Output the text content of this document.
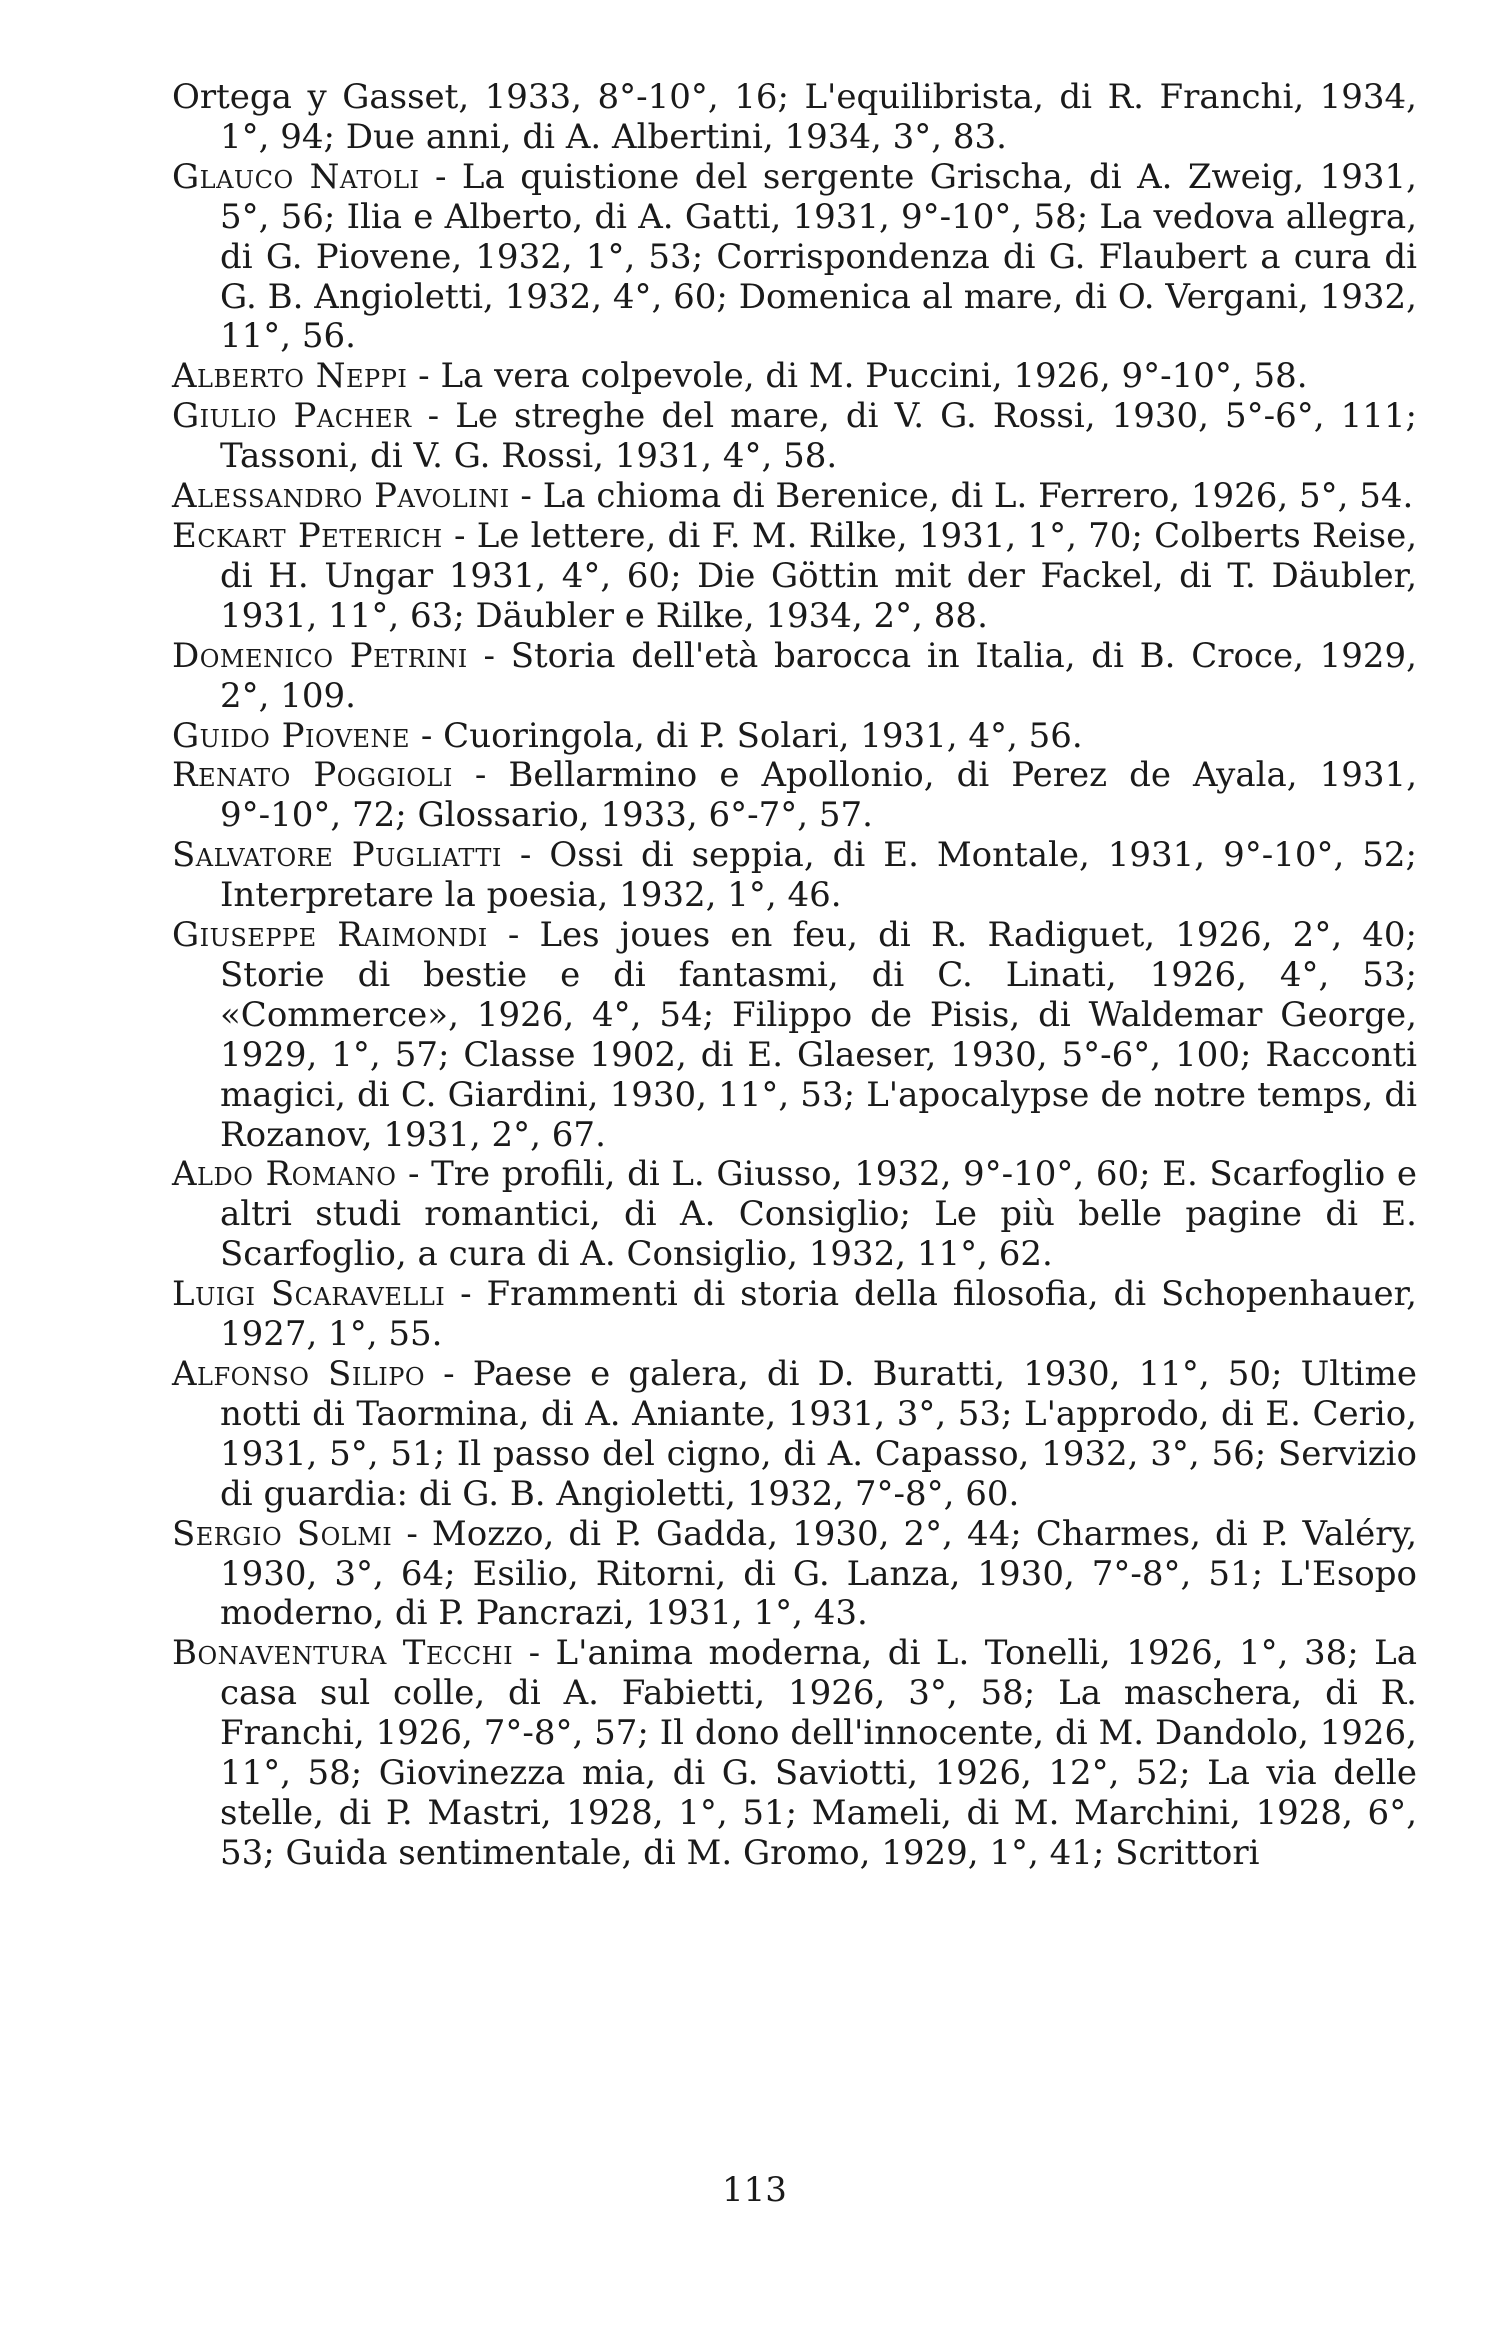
Ortega y Gasset, 1933, 8°-10°, 16; L'equilibrista, di R. Franchi, 1934, 1°, 94; Due anni, di A. Albertini, 1934, 3°, 83.

Glauco Natoli - La quistione del sergente Grischa, di A. Zweig, 1931, 5°, 56; Ilia e Alberto, di A. Gatti, 1931, 9°-10°, 58; La vedova allegra, di G. Piovene, 1932, 1°, 53; Corrispondenza di G. Flaubert a cura di G. B. Angioletti, 1932, 4°, 60; Domenica al mare, di O. Vergani, 1932, 11°, 56.

Alberto Neppi - La vera colpevole, di M. Puccini, 1926, 9°-10°, 58.

Giulio Pacher - Le streghe del mare, di V. G. Rossi, 1930, 5°-6°, 111; Tassoni, di V. G. Rossi, 1931, 4°, 58.

Alessandro Pavolini - La chioma di Berenice, di L. Ferrero, 1926, 5°, 54.

Eckart Peterich - Le lettere, di F. M. Rilke, 1931, 1°, 70; Colberts Reise, di H. Ungar 1931, 4°, 60; Die Göttin mit der Fackel, di T. Däubler, 1931, 11°, 63; Däubler e Rilke, 1934, 2°, 88.

Domenico Petrini - Storia dell'età barocca in Italia, di B. Croce, 1929, 2°, 109.

Guido Piovene - Cuoringola, di P. Solari, 1931, 4°, 56.

Renato Poggioli - Bellarmino e Apollonio, di Perez de Ayala, 1931, 9°-10°, 72; Glossario, 1933, 6°-7°, 57.

Salvatore Pugliatti - Ossi di seppia, di E. Montale, 1931, 9°-10°, 52; Interpretare la poesia, 1932, 1°, 46.

Giuseppe Raimondi - Les joues en feu, di R. Radiguet, 1926, 2°, 40; Storie di bestie e di fantasmi, di C. Linati, 1926, 4°, 53; «Commerce», 1926, 4°, 54; Filippo de Pisis, di Waldemar George, 1929, 1°, 57; Classe 1902, di E. Glaeser, 1930, 5°-6°, 100; Racconti magici, di C. Giardini, 1930, 11°, 53; L'apocalypse de notre temps, di Rozanov, 1931, 2°, 67.

Aldo Romano - Tre profili, di L. Giusso, 1932, 9°-10°, 60; E. Scarfoglio e altri studi romantici, di A. Consiglio; Le più belle pagine di E. Scarfoglio, a cura di A. Consiglio, 1932, 11°, 62.

Luigi Scaravelli - Frammenti di storia della filosofia, di Schopenhauer, 1927, 1°, 55.

Alfonso Silipo - Paese e galera, di D. Buratti, 1930, 11°, 50; Ultime notti di Taormina, di A. Aniante, 1931, 3°, 53; L'approdo, di E. Cerio, 1931, 5°, 51; Il passo del cigno, di A. Capasso, 1932, 3°, 56; Servizio di guardia: di G. B. Angioletti, 1932, 7°-8°, 60.

Sergio Solmi - Mozzo, di P. Gadda, 1930, 2°, 44; Charmes, di P. Valéry, 1930, 3°, 64; Esilio, Ritorni, di G. Lanza, 1930, 7°-8°, 51; L'Esopo moderno, di P. Pancrazi, 1931, 1°, 43.

Bonaventura Tecchi - L'anima moderna, di L. Tonelli, 1926, 1°, 38; La casa sul colle, di A. Fabietti, 1926, 3°, 58; La maschera, di R. Franchi, 1926, 7°-8°, 57; Il dono dell'innocente, di M. Dandolo, 1926, 11°, 58; Giovinezza mia, di G. Saviotti, 1926, 12°, 52; La via delle stelle, di P. Mastri, 1928, 1°, 51; Mameli, di M. Marchini, 1928, 6°, 53; Guida sentimentale, di M. Gromo, 1929, 1°, 41; Scrittori

113
